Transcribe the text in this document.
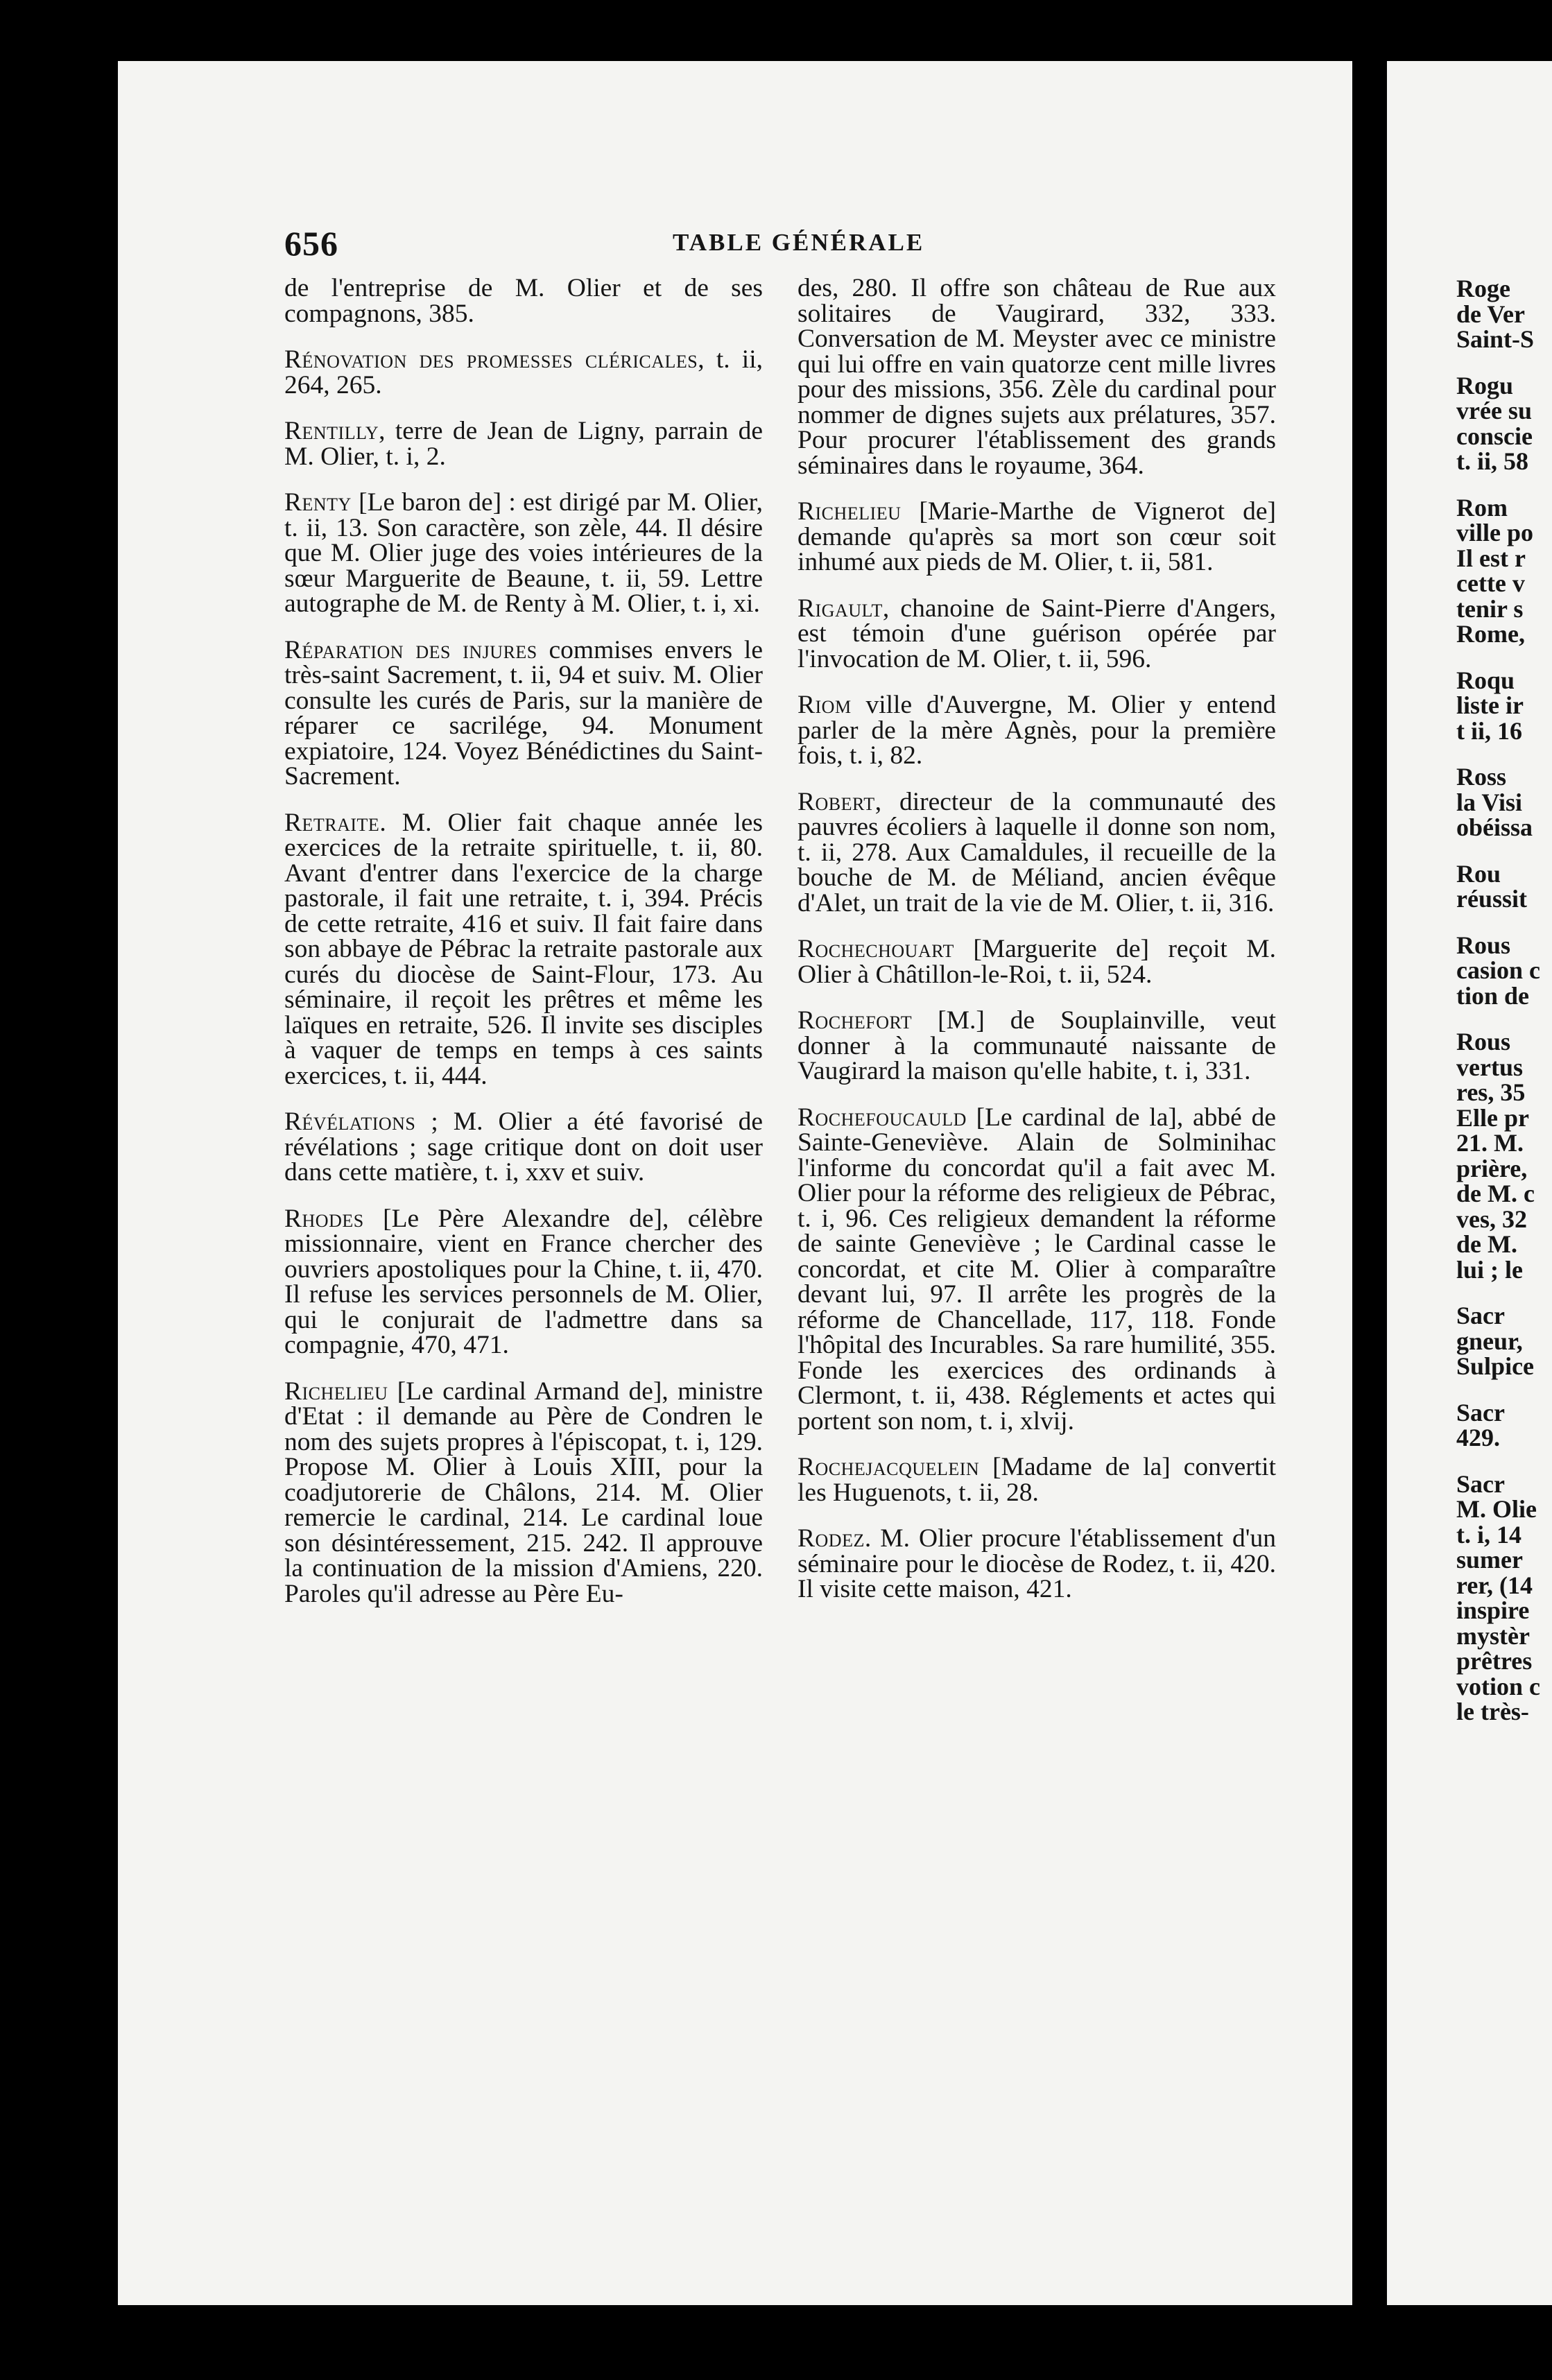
656	TABLE GÉNÉRALE

de l'entreprise de M. Olier et de ses compagnons, 385.

Rénovation des promesses cléricales, t. ii, 264, 265.

Rentilly, terre de Jean de Ligny, parrain de M. Olier, t. i, 2.

Renty [Le baron de] : est dirigé par M. Olier, t. ii, 13. Son caractère, son zèle, 44. Il désire que M. Olier juge des voies intérieures de la sœur Marguerite de Beaune, t. ii, 59. Lettre autographe de M. de Renty à M. Olier, t. i, xi.

Réparation des injures commises envers le très-saint Sacrement, t. ii, 94 et suiv. M. Olier consulte les curés de Paris, sur la manière de réparer ce sacrilége, 94. Monument expiatoire, 124. Voyez Bénédictines du Saint-Sacrement.

Retraite. M. Olier fait chaque année les exercices de la retraite spirituelle, t. ii, 80. Avant d'entrer dans l'exercice de la charge pastorale, il fait une retraite, t. i, 394. Précis de cette retraite, 416 et suiv. Il fait faire dans son abbaye de Pébrac la retraite pastorale aux curés du diocèse de Saint-Flour, 173. Au séminaire, il reçoit les prêtres et même les laïques en retraite, 526. Il invite ses disciples à vaquer de temps en temps à ces saints exercices, t. ii, 444.

Révélations ; M. Olier a été favorisé de révélations ; sage critique dont on doit user dans cette matière, t. i, xxv et suiv.

Rhodes [Le Père Alexandre de], célèbre missionnaire, vient en France chercher des ouvriers apostoliques pour la Chine, t. ii, 470. Il refuse les services personnels de M. Olier, qui le conjurait de l'admettre dans sa compagnie, 470, 471.

Richelieu [Le cardinal Armand de], ministre d'Etat : il demande au Père de Condren le nom des sujets propres à l'épiscopat, t. i, 129. Propose M. Olier à Louis XIII, pour la coadjutorerie de Châlons, 214. M. Olier remercie le cardinal, 214. Le cardinal loue son désintéressement, 215. 242. Il approuve la continuation de la mission d'Amiens, 220. Paroles qu'il adresse au Père Eu-

des, 280. Il offre son château de Rue aux solitaires de Vaugirard, 332, 333. Conversation de M. Meyster avec ce ministre qui lui offre en vain quatorze cent mille livres pour des missions, 356. Zèle du cardinal pour nommer de dignes sujets aux prélatures, 357. Pour procurer l'établissement des grands séminaires dans le royaume, 364.

Richelieu [Marie-Marthe de Vignerot de] demande qu'après sa mort son cœur soit inhumé aux pieds de M. Olier, t. ii, 581.

Rigault, chanoine de Saint-Pierre d'Angers, est témoin d'une guérison opérée par l'invocation de M. Olier, t. ii, 596.

Riom ville d'Auvergne, M. Olier y entend parler de la mère Agnès, pour la première fois, t. i, 82.

Robert, directeur de la communauté des pauvres écoliers à laquelle il donne son nom, t. ii, 278. Aux Camaldules, il recueille de la bouche de M. de Méliand, ancien évêque d'Alet, un trait de la vie de M. Olier, t. ii, 316.

Rochechouart [Marguerite de] reçoit M. Olier à Châtillon-le-Roi, t. ii, 524.

Rochefort [M.] de Souplainville, veut donner à la communauté naissante de Vaugirard la maison qu'elle habite, t. i, 331.

Rochefoucauld [Le cardinal de la], abbé de Sainte-Geneviève. Alain de Solminihac l'informe du concordat qu'il a fait avec M. Olier pour la réforme des religieux de Pébrac, t. i, 96. Ces religieux demandent la réforme de sainte Geneviève ; le Cardinal casse le concordat, et cite M. Olier à comparaître devant lui, 97. Il arrête les progrès de la réforme de Chancellade, 117, 118. Fonde l'hôpital des Incurables. Sa rare humilité, 355. Fonde les exercices des ordinands à Clermont, t. ii, 438. Réglements et actes qui portent son nom, t. i, xlvij.

Rochejacquelein [Madame de la] convertit les Huguenots, t. ii, 28.

Rodez. M. Olier procure l'établissement d'un séminaire pour le diocèse de Rodez, t. ii, 420. Il visite cette maison, 421.

Roge

de Ver

Saint-S

Rogu

vrée su

conscie

t. ii, 58

Rom

ville po

Il est r

cette v

tenir s

Rome,

Roqu

liste ir

t ii, 16

Ross

la Visi

obéissa

Rou

réussit

Rous

casion c

tion de

Rous

vertus

res, 35

Elle pr

21. M.

prière,

de M. c

ves, 32

de M.

lui ; le

Sacr

gneur,

Sulpice

Sacr

429.

Sacr

M. Olie

t. i, 14

sumer

rer, (14

inspire

mystèr

prêtres

votion c

le très-
